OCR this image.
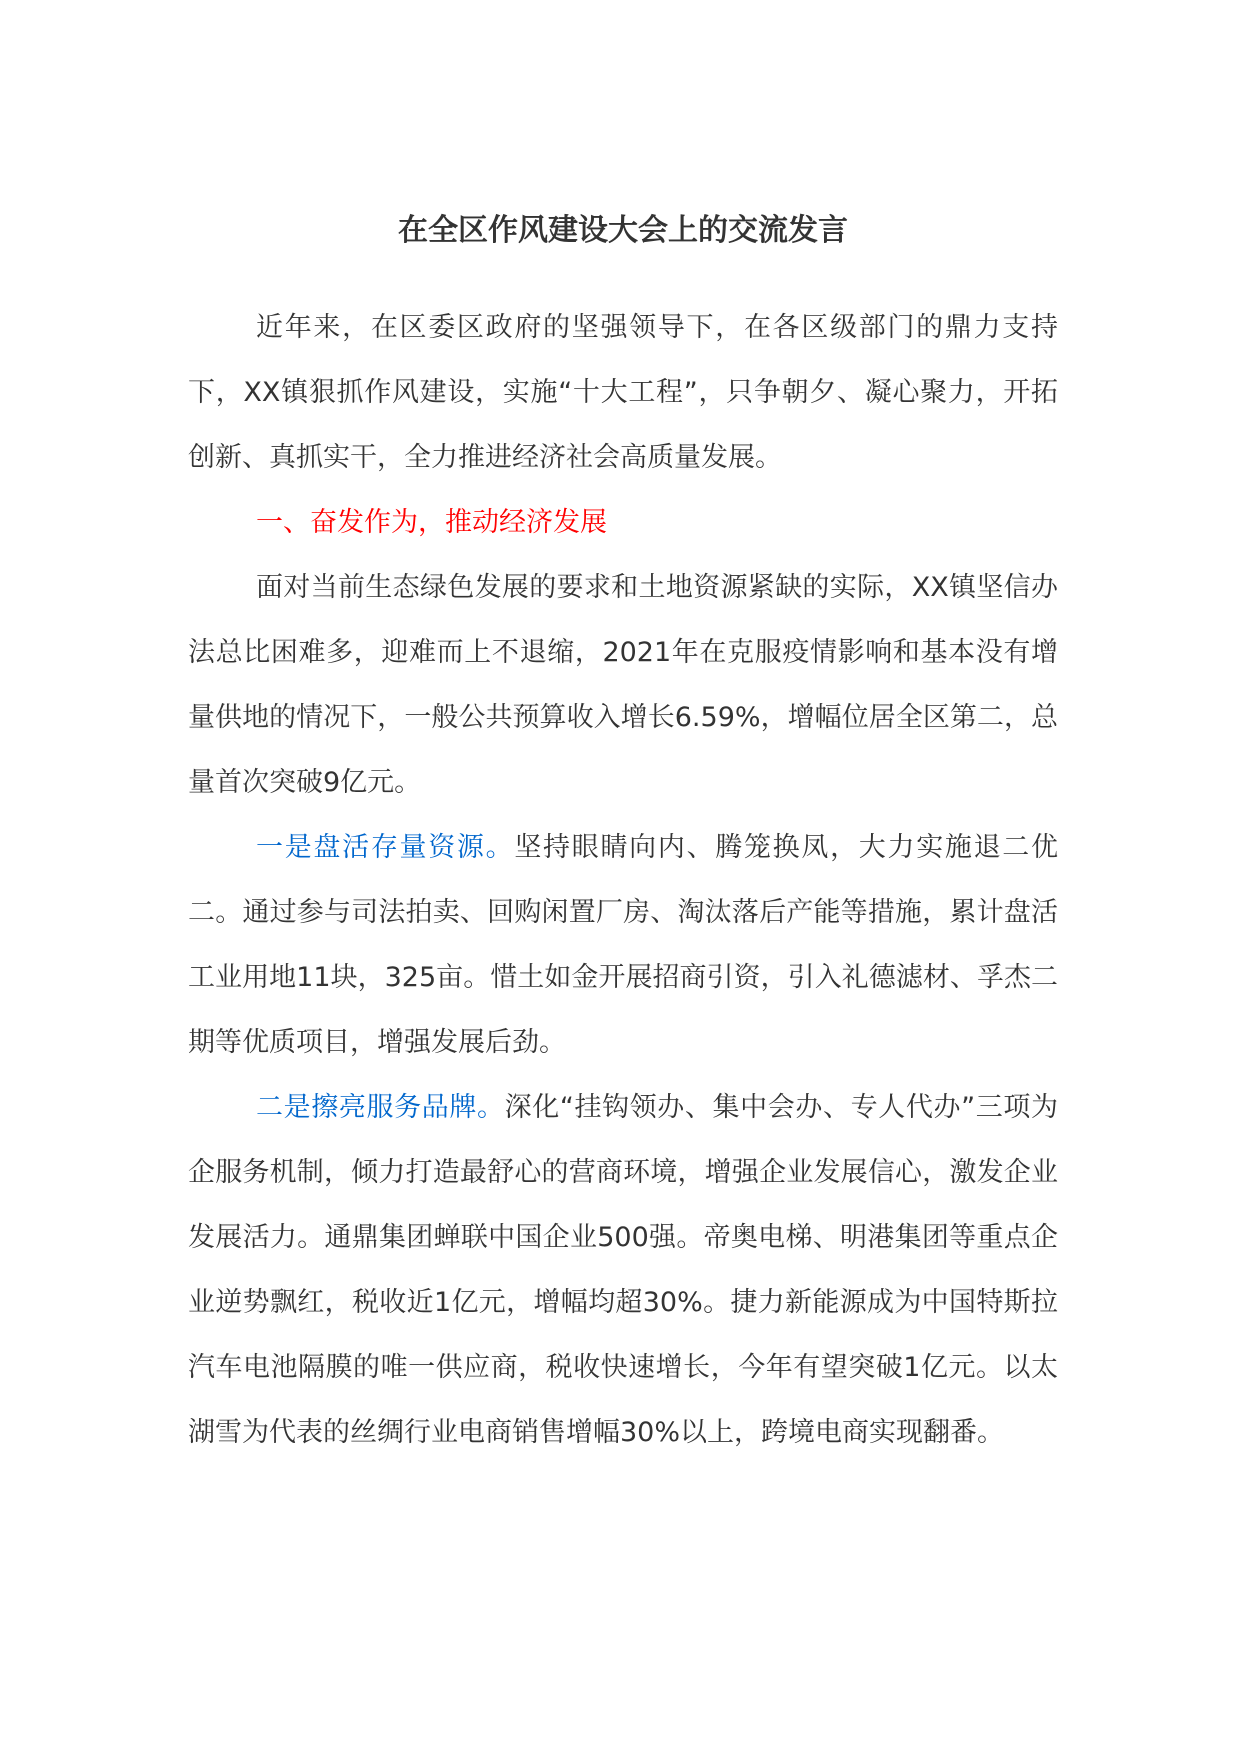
在全区作风建设大会上的交流发言

近年来，在区委区政府的坚强领导下，在各区级部门的鼎力支持下，XX镇狠抓作风建设，实施“十大工程”，只争朝夕、凝心聚力，开拓创新、真抓实干，全力推进经济社会高质量发展。

一、奋发作为，推动经济发展

面对当前生态绿色发展的要求和土地资源紧缺的实际，XX镇坚信办法总比困难多，迎难而上不退缩，2021年在克服疫情影响和基本没有增量供地的情况下，一般公共预算收入增长6.59%，增幅位居全区第二，总量首次突破9亿元。

一是盘活存量资源。坚持眼睛向内、腾笼换凤，大力实施退二优二。通过参与司法拍卖、回购闲置厂房、淘汰落后产能等措施，累计盘活工业用地11块，325亩。惜土如金开展招商引资，引入礼德滤材、孚杰二期等优质项目，增强发展后劲。

二是擦亮服务品牌。深化“挂钩领办、集中会办、专人代办”三项为企服务机制，倾力打造最舒心的营商环境，增强企业发展信心，激发企业发展活力。通鼎集团蝉联中国企业500强。帝奥电梯、明港集团等重点企业逆势飘红，税收近1亿元，增幅均超30%。捷力新能源成为中国特斯拉汽车电池隔膜的唯一供应商，税收快速增长，今年有望突破1亿元。以太湖雪为代表的丝绸行业电商销售增幅30%以上，跨境电商实现翻番。
